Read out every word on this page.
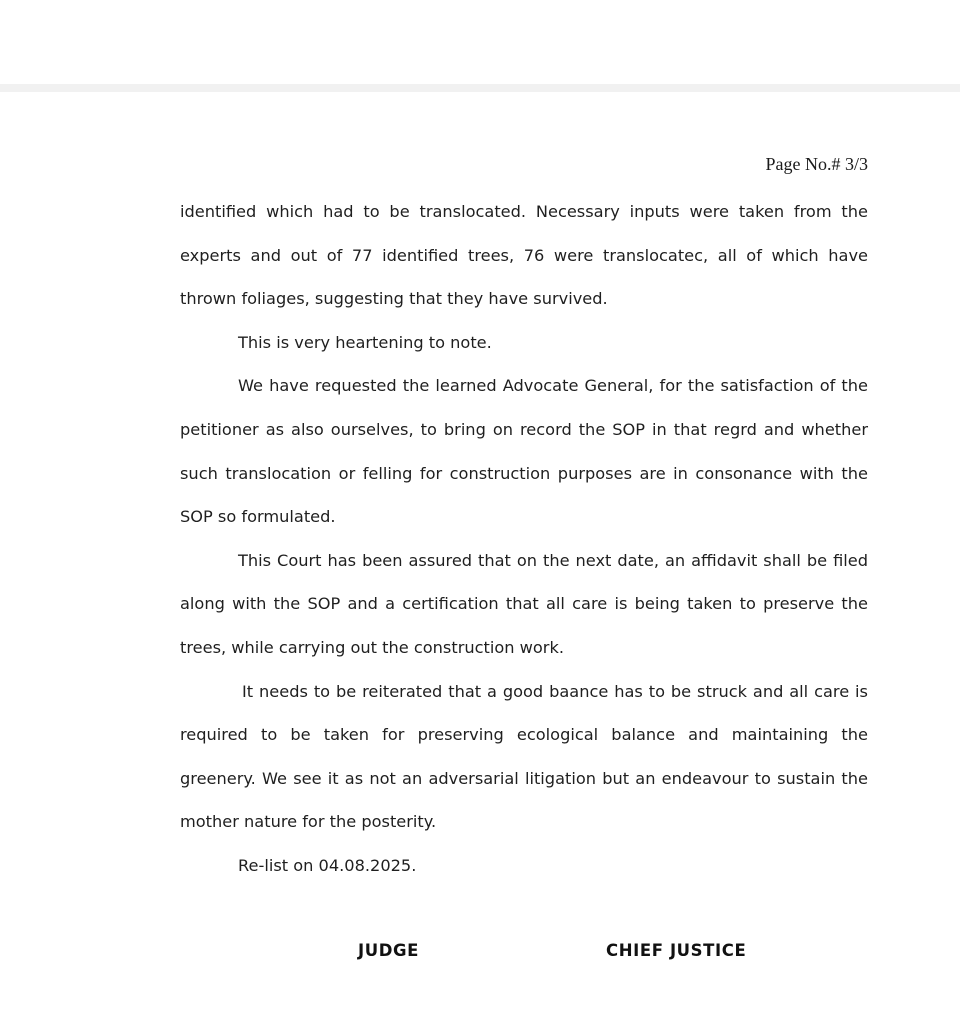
Page No.# 3/3

identified which had to be translocated. Necessary inputs were taken from the experts and out of 77 identified trees, 76 were translocatec, all of which have thrown foliages, suggesting that they have survived.

This is very heartening to note.

We have requested the learned Advocate General, for the satisfaction of the petitioner as also ourselves, to bring on record the SOP in that regrd and whether such translocation or felling for construction purposes are in consonance with the SOP so formulated.

This Court has been assured that on the next date, an affidavit shall be filed along with the SOP and a certification that all care is being taken to preserve the trees, while carrying out the construction work.

It needs to be reiterated that a good baance has to be struck and all care is required to be taken for preserving ecological balance and maintaining the greenery. We see it as not an adversarial litigation but an endeavour to sustain the mother nature for the posterity.

Re-list on 04.08.2025.

JUDGE	CHIEF JUSTICE
